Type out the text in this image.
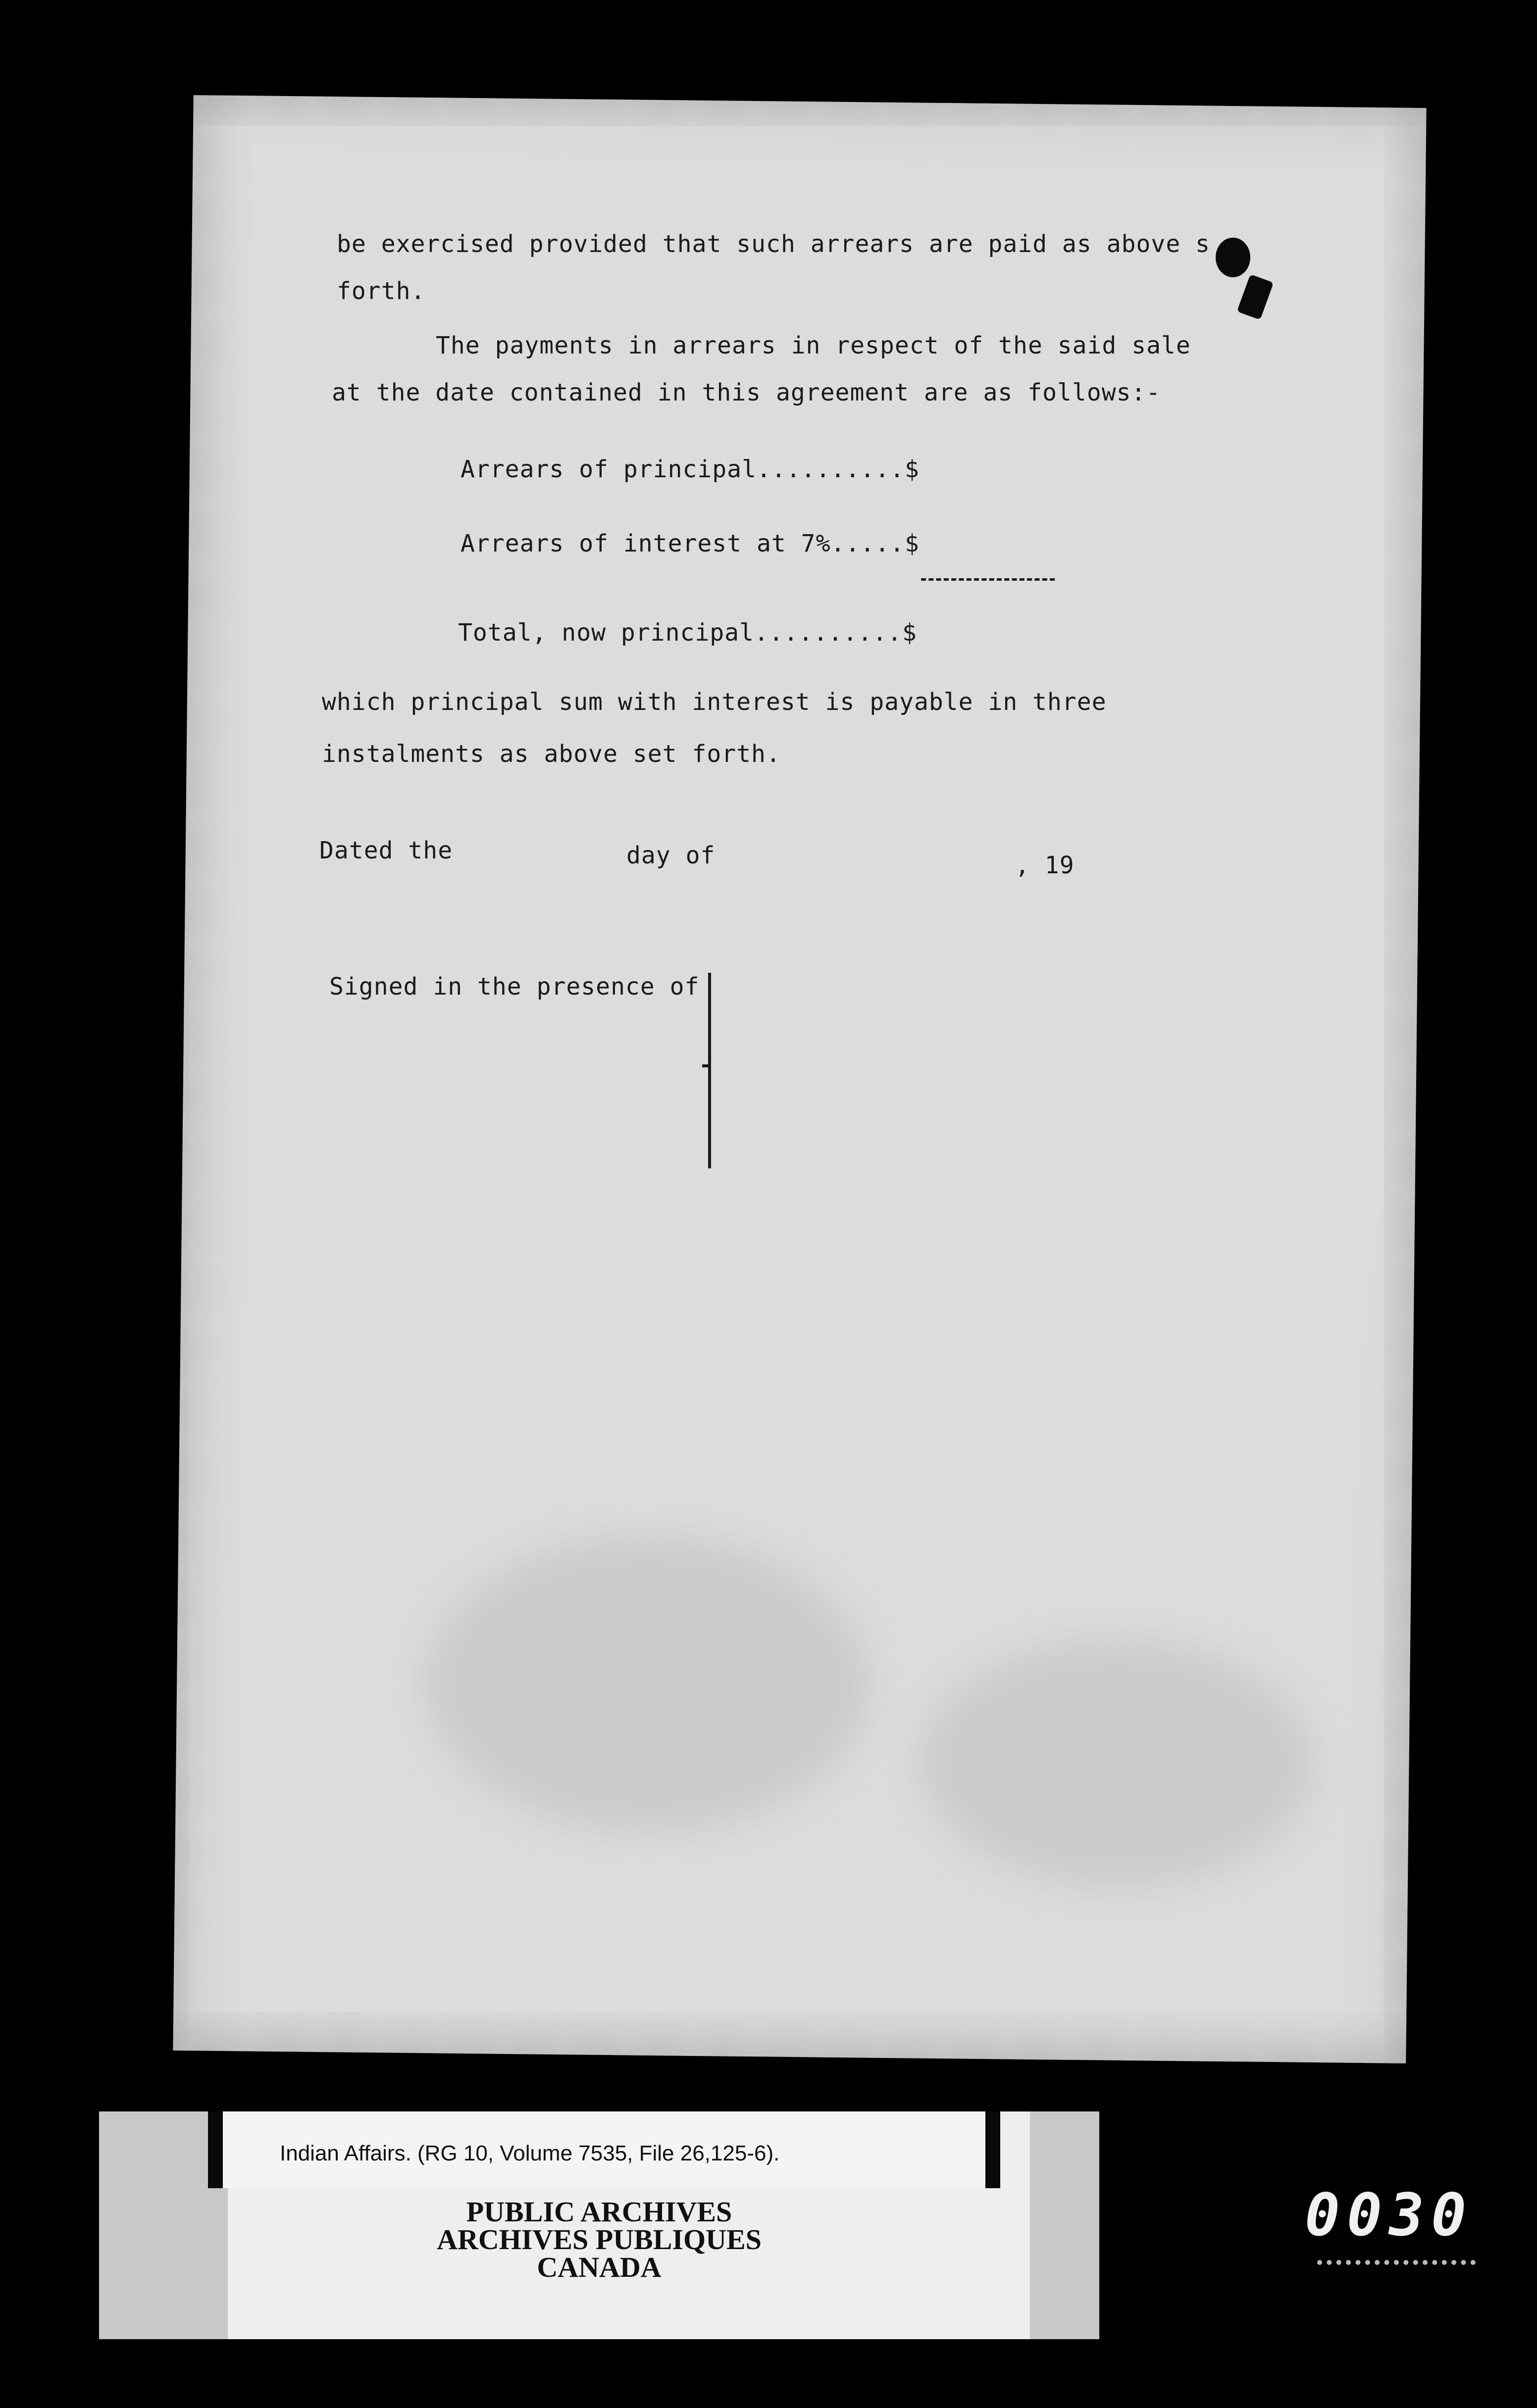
be exercised provided that such arrears are paid as above s

forth.

The payments in arrears in respect of the said sale

at the date contained in this agreement are as follows:-

Arrears of principal..........$

Arrears of interest at 7%.....$

Total, now principal..........$

which principal sum with interest is payable in three

instalments as above set forth.

Dated the	day of	, 19

Signed in the presence of

Indian Affairs. (RG 10, Volume 7535, File 26,125-6).
PUBLIC ARCHIVES
ARCHIVES PUBLIQUES
CANADA
0030
